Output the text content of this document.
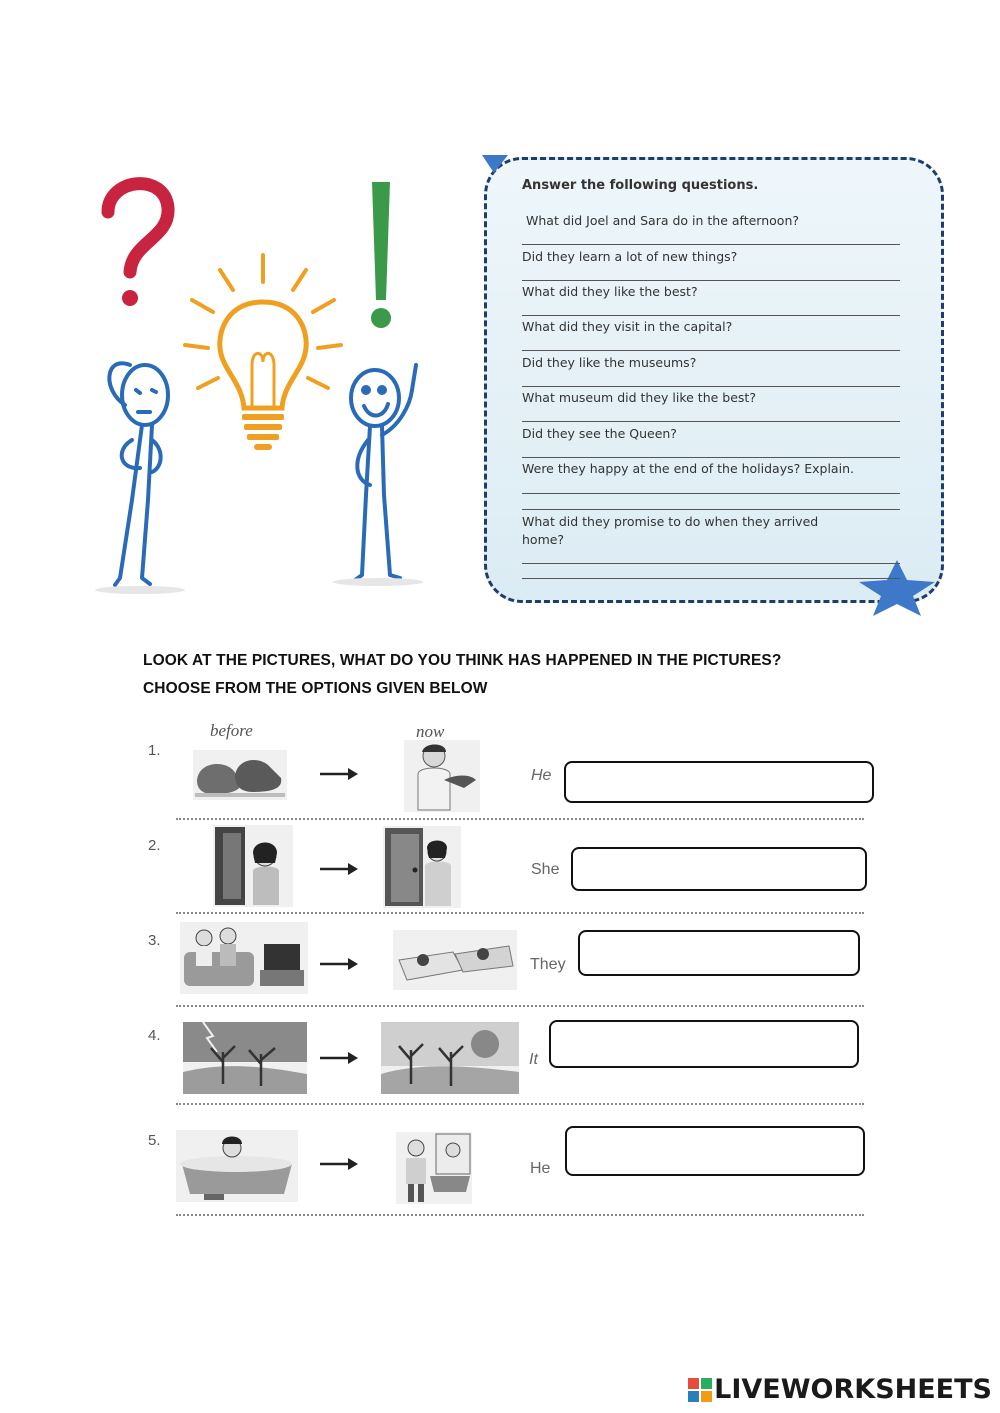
Answer the following questions.
What did Joel and Sara do in the afternoon?
Did they learn a lot of new things?
What did they like the best?
What did they visit in the capital?
Did they like the museums?
What museum did they like the best?
Did they see the Queen?
Were they happy at the end of the holidays? Explain.
What did they promise to do when they arrived
home?
LOOK AT THE PICTURES, WHAT DO YOU THINK HAS HAPPENED IN THE PICTURES?
CHOOSE FROM THE OPTIONS GIVEN BELOW
before	now
1.
He
2.
She
3.
They
4.
It
5.
He
LIVEWORKSHEETS
